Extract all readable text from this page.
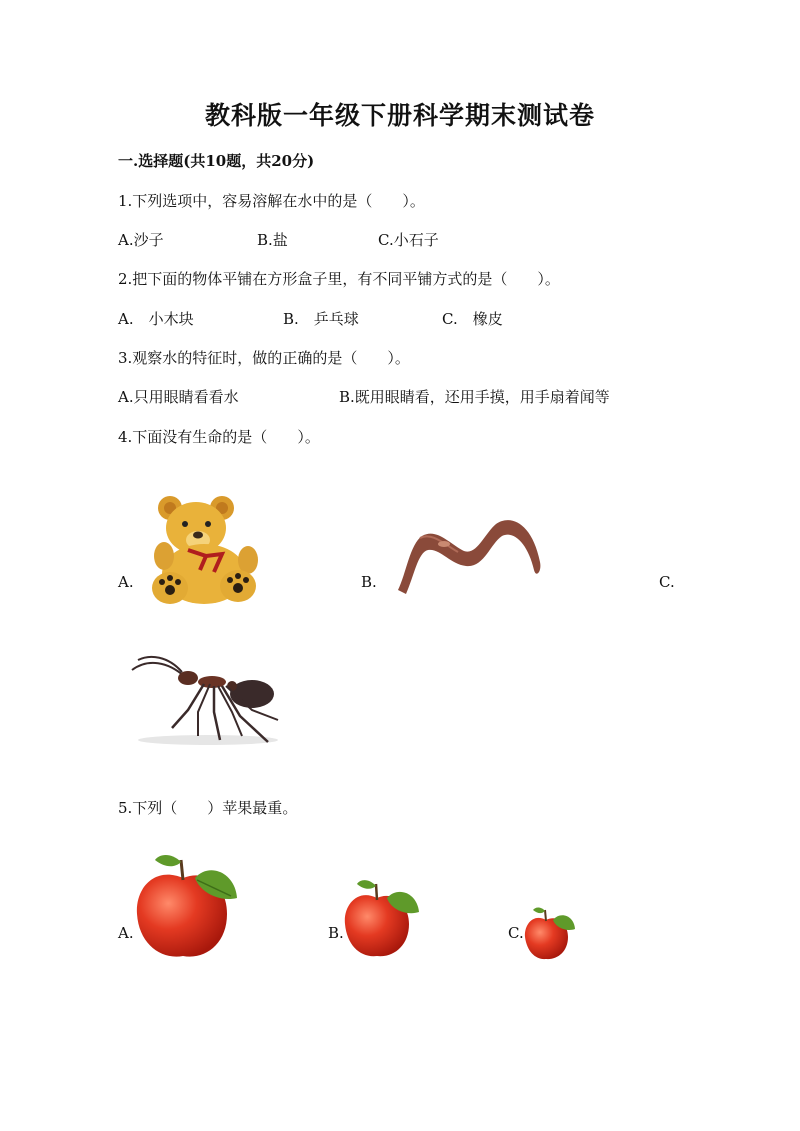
教科版一年级下册科学期末测试卷
一.选择题(共10题，共20分)
1.下列选项中，容易溶解在水中的是（　　）。
A.沙子	B.盐	C.小石子
2.把下面的物体平铺在方形盒子里，有不同平铺方式的是（　　）。
A.　小木块	B.　乒乓球	C.　橡皮
3.观察水的特征时，做的正确的是（　　）。
A.只用眼睛看看水	B.既用眼睛看，还用手摸，用手扇着闻等
4.下面没有生命的是（　　）。
A.	B.	C.
5.下列（　　）苹果最重。
A.	B.	C.
